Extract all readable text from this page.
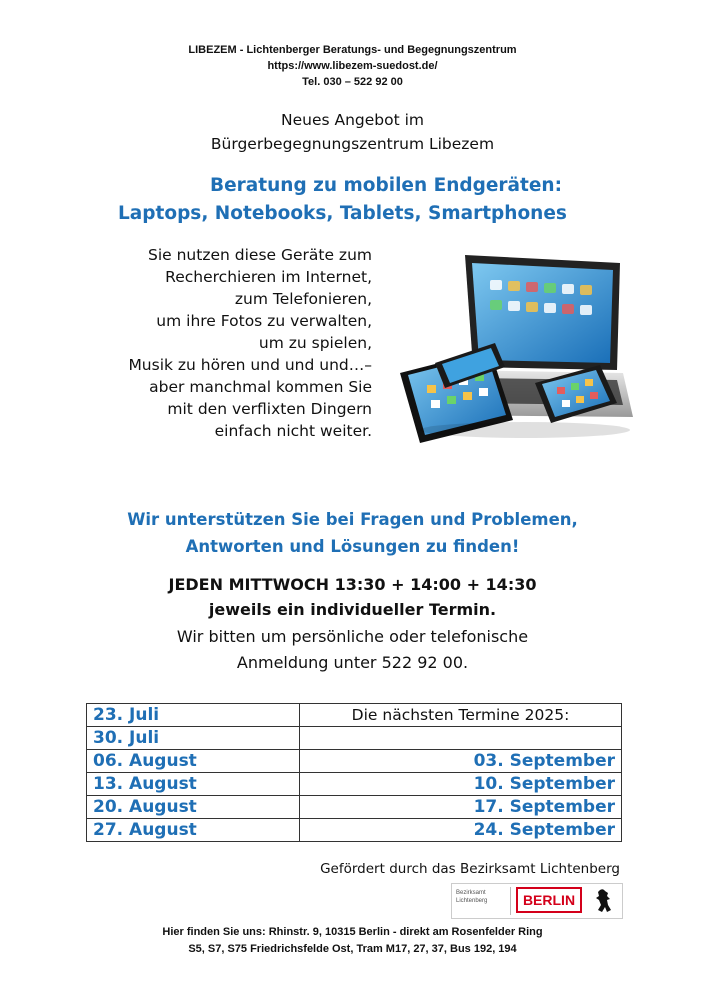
LIBEZEM - Lichtenberger Beratungs- und Begegnungszentrum
https://www.libezem-suedost.de/
Tel. 030 – 522 92 00
Neues Angebot im
Bürgerbegegnungszentrum Libezem
Beratung zu mobilen Endgeräten:
Laptops, Notebooks, Tablets, Smartphones
Sie nutzen diese Geräte zum
Recherchieren im Internet,
zum Telefonieren,
um ihre Fotos zu verwalten,
um zu spielen,
Musik zu hören und und und…–
aber manchmal kommen Sie
mit den verflixten Dingern
einfach nicht weiter.
Wir unterstützen Sie bei Fragen und Problemen,
Antworten und Lösungen zu finden!
JEDEN MITTWOCH 13:30 + 14:00 + 14:30
jeweils ein individueller Termin.
Wir bitten um persönliche oder telefonische
Anmeldung unter 522 92 00.
23. Juli	Die nächsten Termine 2025:
30. Juli	
06. August	03. September
13. August	10. September
20. August	17. September
27. August	24. September
Gefördert durch das Bezirksamt Lichtenberg
Bezirksamt
Lichtenberg	BERLIN
Hier finden Sie uns: Rhinstr. 9, 10315 Berlin - direkt am Rosenfelder Ring
S5, S7, S75 Friedrichsfelde Ost, Tram M17, 27, 37, Bus 192, 194
